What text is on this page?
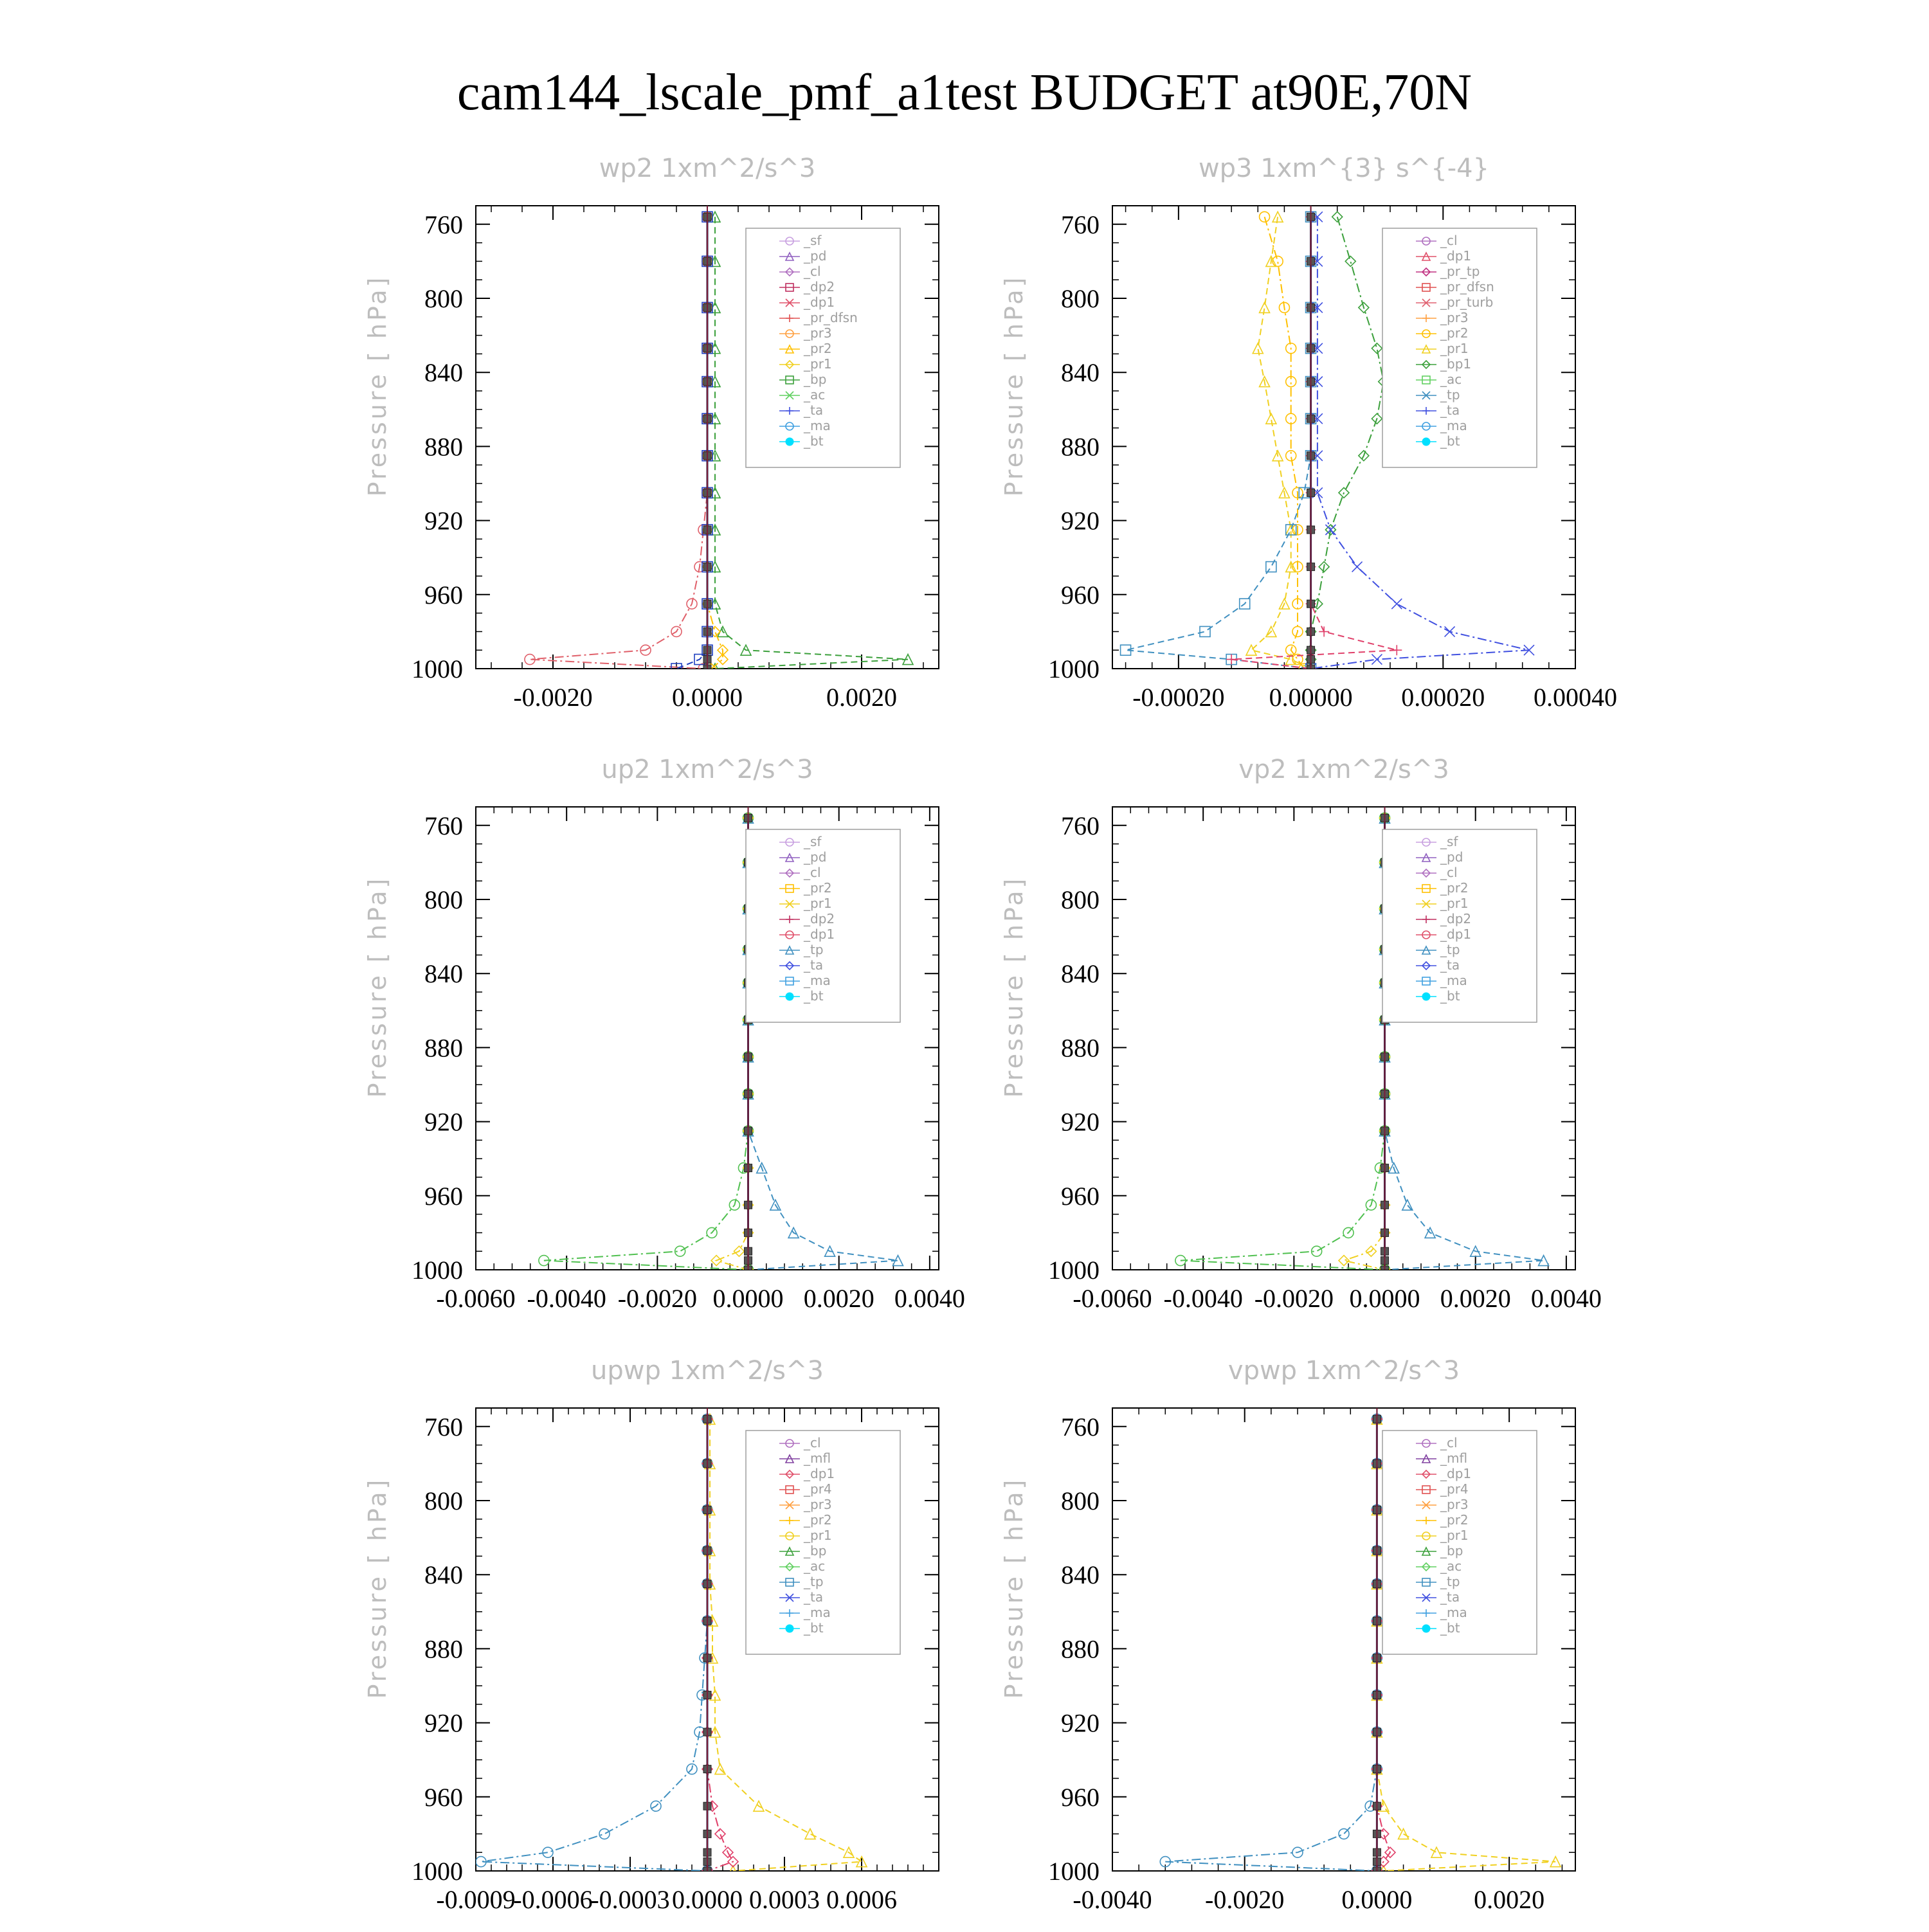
cam144_lscale_pmf_a1test BUDGET at90E,70N
wp2 1xm^2/s^3
Pressure [ hPa]
760
800
840
880
920
960
1000
-0.0020	0.0000	0.0020
_sf
_pd
_cl
_dp2
_dp1
_pr_dfsn
_pr3
_pr2
_pr1
_bp
_ac
_ta
_ma
_bt
wp3 1xm^{3} s^{-4}
Pressure [ hPa]
760
800
840
880
920
960
1000
-0.00020 0.00000 0.00020 0.00040
_cl
_dp1
_pr_tp
_pr_dfsn
_pr_turb
_pr3
_pr2
_pr1
_bp1
_ac
_tp
_ta
_ma
_bt
up2 1xm^2/s^3
Pressure [ hPa]
760
800
840
880
920
960
1000
-0.0060 -0.0040 -0.0020 0.0000 0.0020 0.0040
_sf
_pd
_cl
_pr2
_pr1
_dp2
_dp1
_tp
_ta
_ma
_bt
vp2 1xm^2/s^3
Pressure [ hPa]
760
800
840
880
920
960
1000
-0.0060 -0.0040 -0.0020 0.0000 0.0020 0.0040
_sf
_pd
_cl
_pr2
_pr1
_dp2
_dp1
_tp
_ta
_ma
_bt
upwp 1xm^2/s^3
Pressure [ hPa]
760
800
840
880
920
960
1000
-0.0009
-0.0006
-0.0003 0.0000 0.0003 0.0006
_cl
_mfl
_dp1
_pr4
_pr3
_pr2
_pr1
_bp
_ac
_tp
_ta
_ma
_bt
vpwp 1xm^2/s^3
Pressure [ hPa]
760
800
840
880
920
960
1000
-0.0040 -0.0020 0.0000 0.0020
_cl
_mfl
_dp1
_pr4
_pr3
_pr2
_pr1
_bp
_ac
_tp
_ta
_ma
_bt
